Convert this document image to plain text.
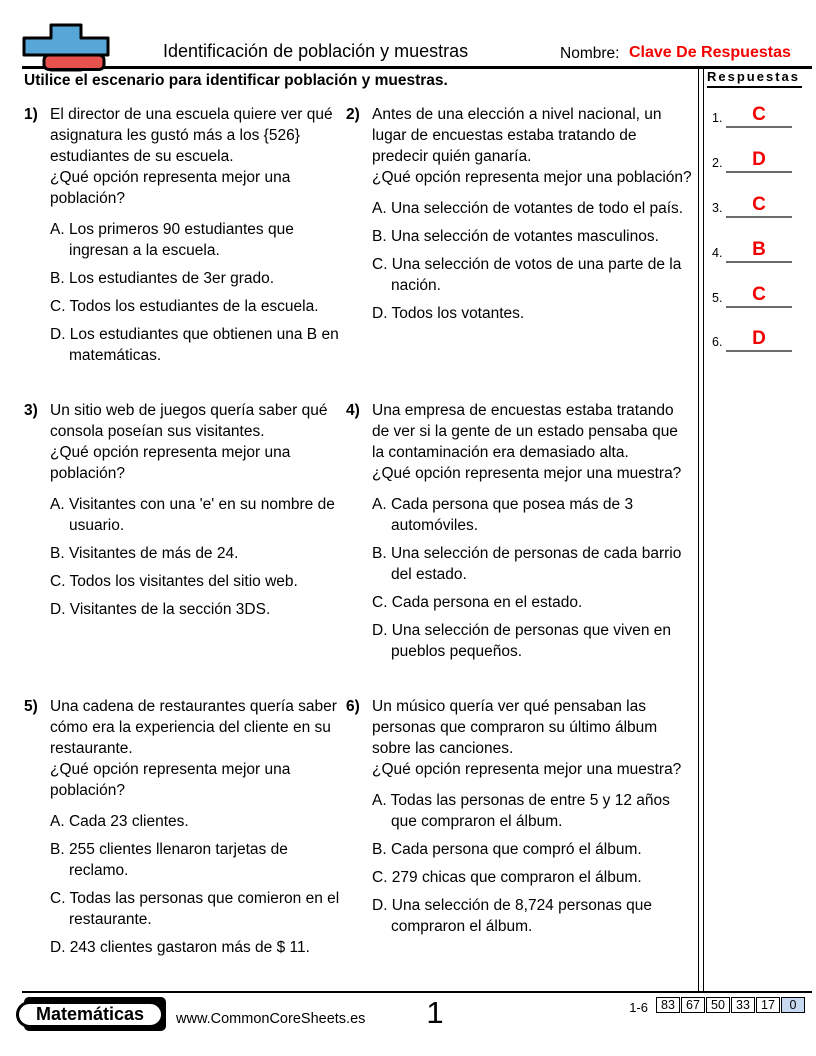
Identificación de población y muestras	Nombre: Clave De Respuestas
Utilice el escenario para identificar población y muestras.
1) El director de una escuela quiere ver qué asignatura les gustó más a los {526} estudiantes de su escuela.

¿Qué opción representa mejor una población?

A. Los primeros 90 estudiantes que ingresan a la escuela.

B. Los estudiantes de 3er grado.

C. Todos los estudiantes de la escuela.

D. Los estudiantes que obtienen una B en matemáticas.

2) Antes de una elección a nivel nacional, un lugar de encuestas estaba tratando de predecir quién ganaría.

¿Qué opción representa mejor una población?

A. Una selección de votantes de todo el país.

B. Una selección de votantes masculinos.

C. Una selección de votos de una parte de la nación.

D. Todos los votantes.

3) Un sitio web de juegos quería saber qué consola poseían sus visitantes.

¿Qué opción representa mejor una población?

A. Visitantes con una 'e' en su nombre de usuario.

B. Visitantes de más de 24.

C. Todos los visitantes del sitio web.

D. Visitantes de la sección 3DS.

4) Una empresa de encuestas estaba tratando de ver si la gente de un estado pensaba que la contaminación era demasiado alta.

¿Qué opción representa mejor una muestra?

A. Cada persona que posea más de 3 automóviles.

B. Una selección de personas de cada barrio del estado.

C. Cada persona en el estado.

D. Una selección de personas que viven en pueblos pequeños.

5) Una cadena de restaurantes quería saber cómo era la experiencia del cliente en su restaurante.

¿Qué opción representa mejor una población?

A. Cada 23 clientes.

B. 255 clientes llenaron tarjetas de reclamo.

C. Todas las personas que comieron en el restaurante.

D. 243 clientes gastaron más de $ 11.

6) Un músico quería ver qué pensaban las personas que compraron su último álbum sobre las canciones.

¿Qué opción representa mejor una muestra?

A. Todas las personas de entre 5 y 12 años que compraron el álbum.

B. Cada persona que compró el álbum.

C. 279 chicas que compraron el álbum.

D. Una selección de 8,724 personas que compraron el álbum.

Respuestas
1.	C
2.	D
3.	C
4.	B
5.	C
6.	D
Matemáticas www.CommonCoreSheets.es	1	1-6	83 67 50 33 17	0
